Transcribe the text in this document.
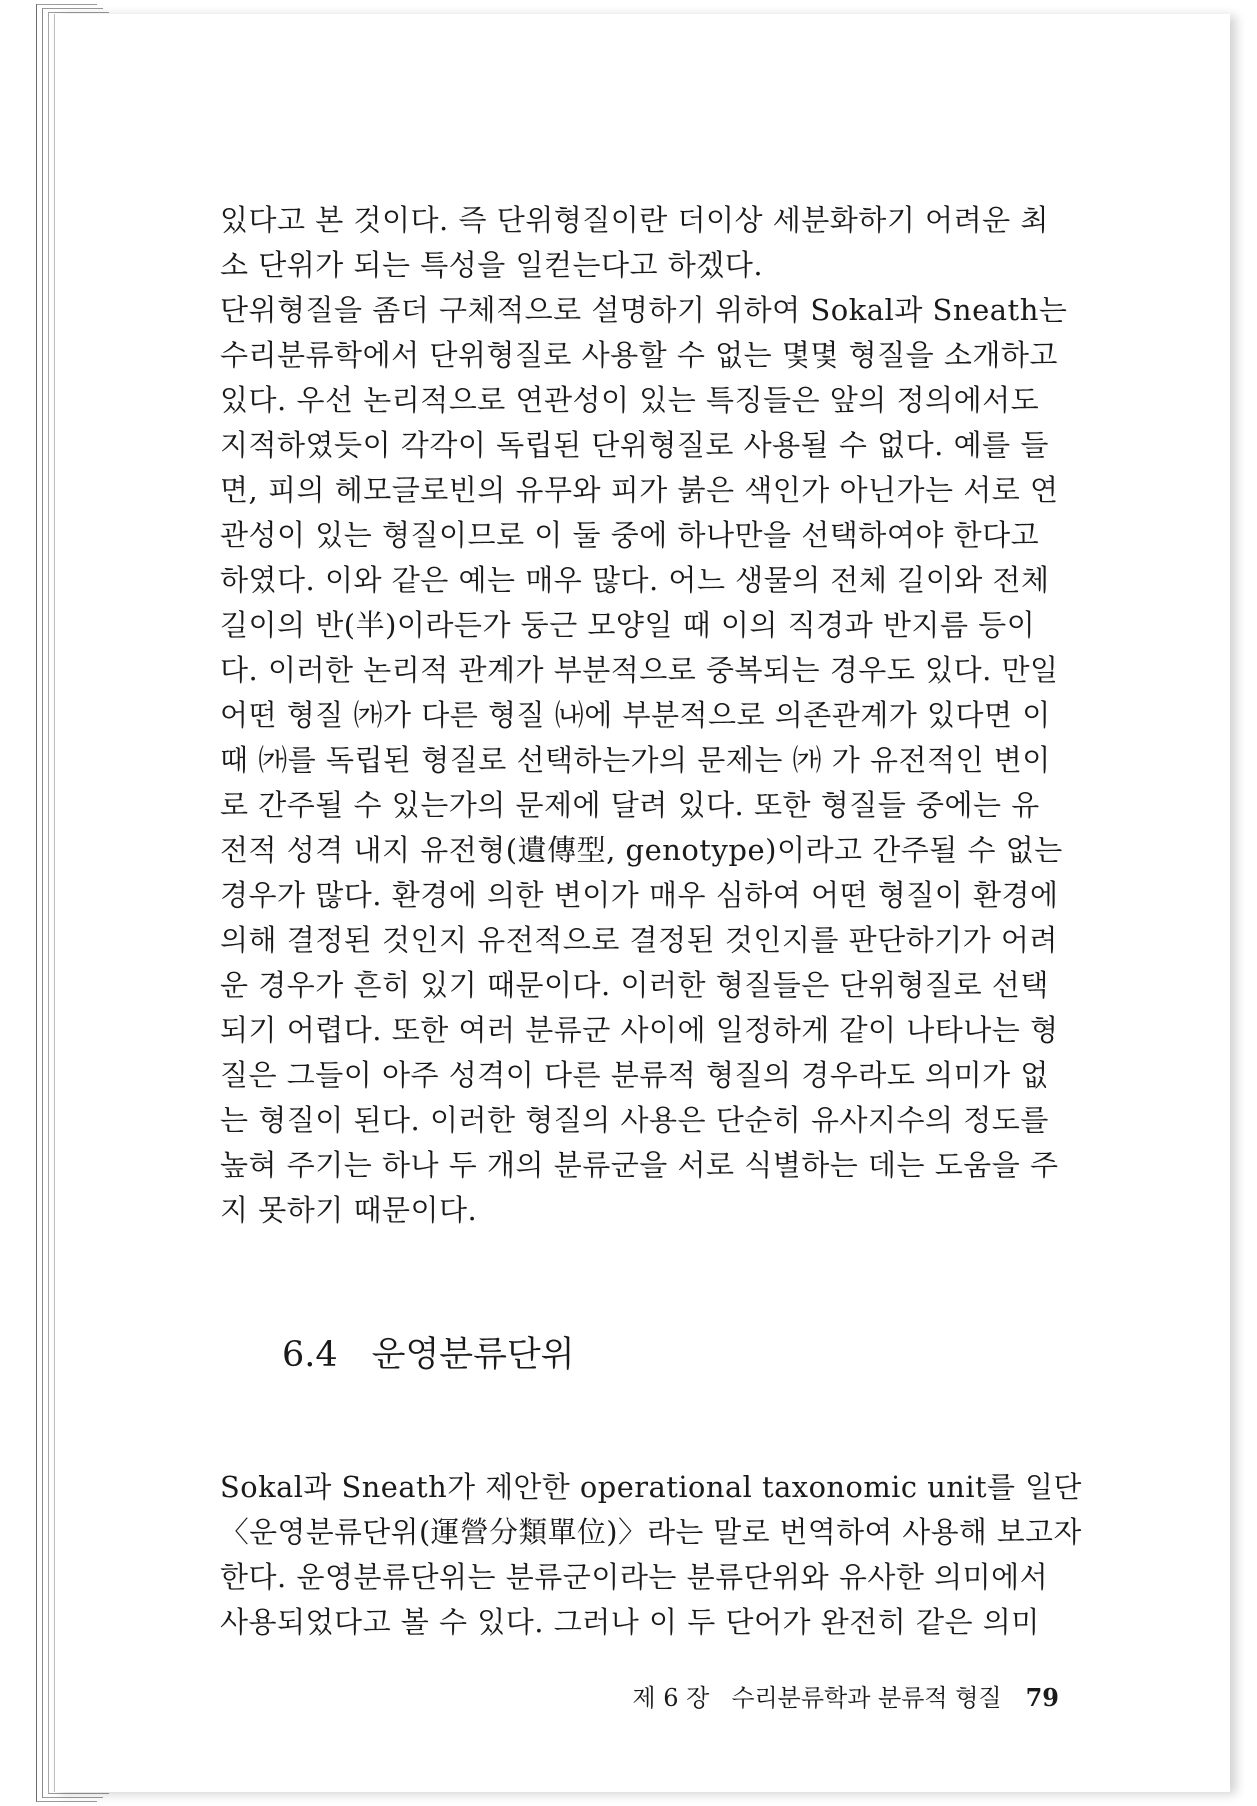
있다고 본 것이다. 즉 단위형질이란 더이상 세분화하기 어려운 최
소 단위가 되는 특성을 일컫는다고 하겠다.
단위형질을 좀더 구체적으로 설명하기 위하여 Sokal과 Sneath는
수리분류학에서 단위형질로 사용할 수 없는 몇몇 형질을 소개하고
있다. 우선 논리적으로 연관성이 있는 특징들은 앞의 정의에서도
지적하였듯이 각각이 독립된 단위형질로 사용될 수 없다. 예를 들
면, 피의 헤모글로빈의 유무와 피가 붉은 색인가 아닌가는 서로 연
관성이 있는 형질이므로 이 둘 중에 하나만을 선택하여야 한다고
하였다. 이와 같은 예는 매우 많다. 어느 생물의 전체 길이와 전체
길이의 반(半)이라든가 둥근 모양일 때 이의 직경과 반지름 등이
다. 이러한 논리적 관계가 부분적으로 중복되는 경우도 있다. 만일
어떤 형질 ㈎가 다른 형질 ㈏에 부분적으로 의존관계가 있다면 이
때 ㈎를 독립된 형질로 선택하는가의 문제는 ㈎ 가 유전적인 변이
로 간주될 수 있는가의 문제에 달려 있다. 또한 형질들 중에는 유
전적 성격 내지 유전형(遺傳型, genotype)이라고 간주될 수 없는
경우가 많다. 환경에 의한 변이가 매우 심하여 어떤 형질이 환경에
의해 결정된 것인지 유전적으로 결정된 것인지를 판단하기가 어려
운 경우가 흔히 있기 때문이다. 이러한 형질들은 단위형질로 선택
되기 어렵다. 또한 여러 분류군 사이에 일정하게 같이 나타나는 형
질은 그들이 아주 성격이 다른 분류적 형질의 경우라도 의미가 없
는 형질이 된다. 이러한 형질의 사용은 단순히 유사지수의 정도를
높혀 주기는 하나 두 개의 분류군을 서로 식별하는 데는 도움을 주
지 못하기 때문이다.
6.4 운영분류단위
Sokal과 Sneath가 제안한 operational taxonomic unit를 일단
〈운영분류단위(運營分類單位)〉라는 말로 번역하여 사용해 보고자
한다. 운영분류단위는 분류군이라는 분류단위와 유사한 의미에서
사용되었다고 볼 수 있다. 그러나 이 두 단어가 완전히 같은 의미
제 6 장 수리분류학과 분류적 형질 79
